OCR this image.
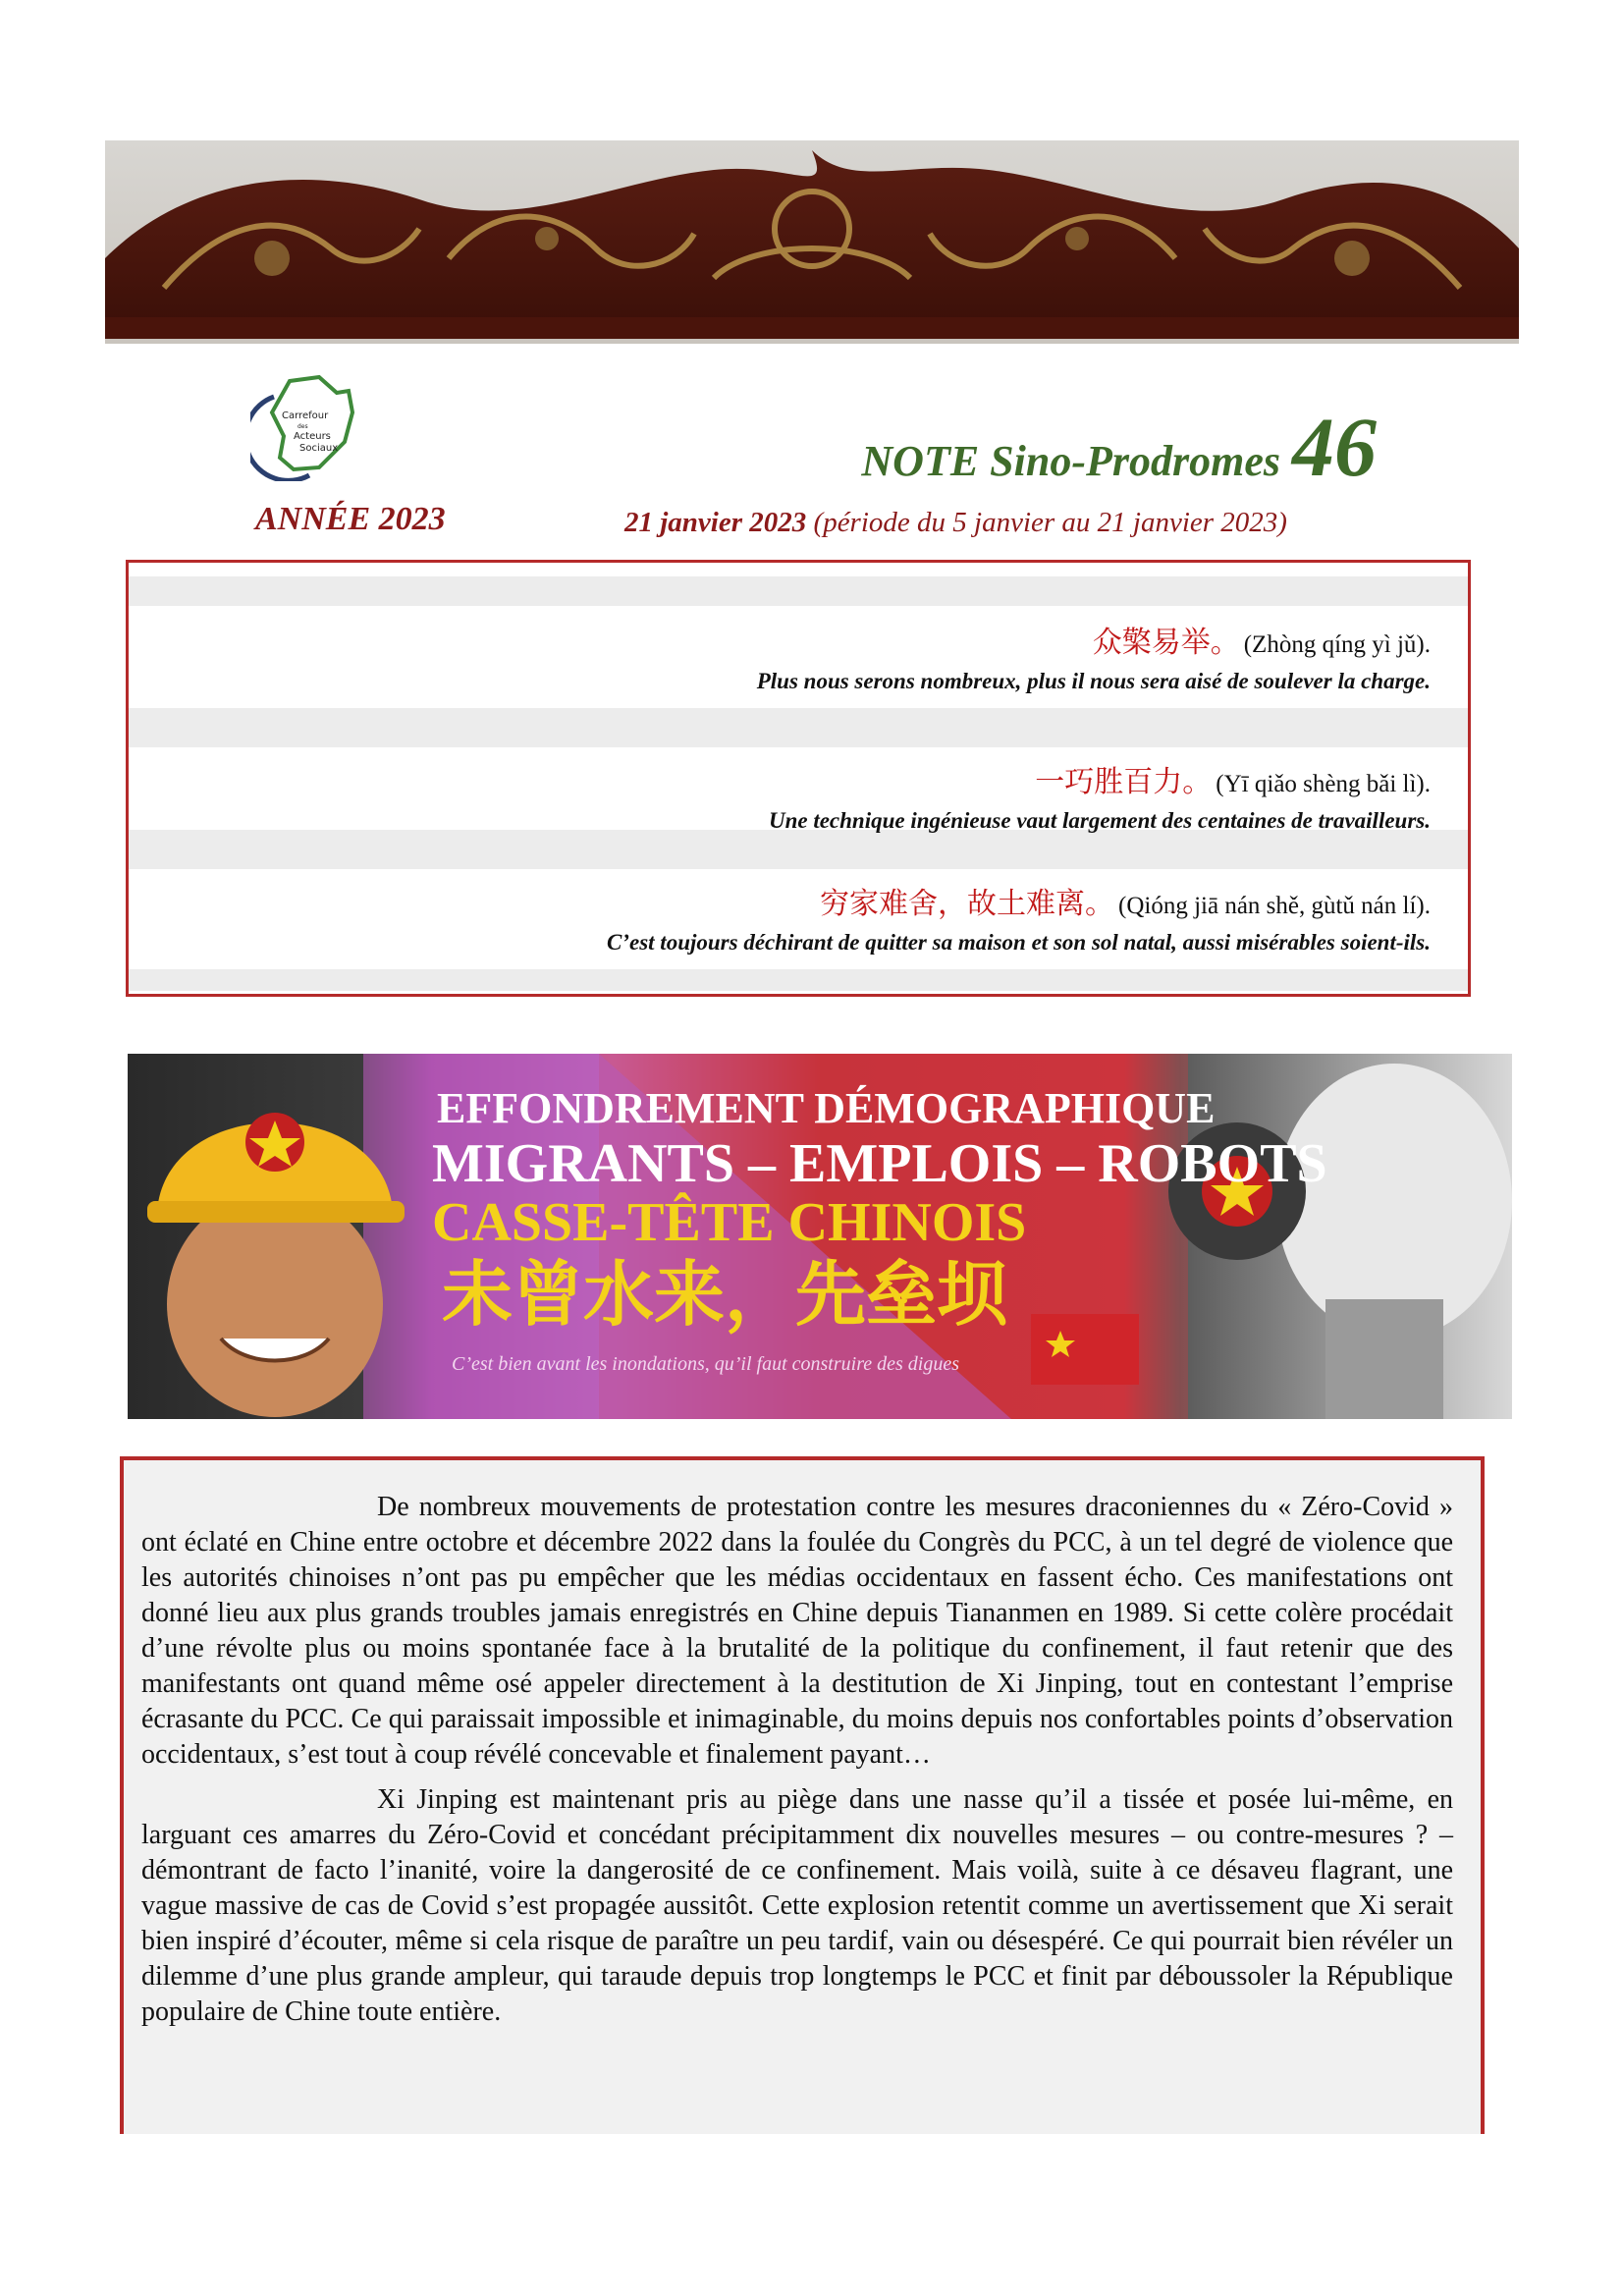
Carrefour
des
Acteurs
Sociaux	NOTE Sino-Prodromes 46
ANNÉE 2023	21 janvier 2023 (période du 5 janvier au 21 janvier 2023)
众檠易举。 (Zhòng qíng yì jǔ).
Plus nous serons nombreux, plus il nous sera aisé de soulever la charge.
一巧胜百力。 (Yī qiǎo shèng bǎi lì).
Une technique ingénieuse vaut largement des centaines de travailleurs.
穷家难舍，故土难离。 (Qióng jiā nán shě, gùtǔ nán lí).
C’est toujours déchirant de quitter sa maison et son sol natal, aussi misérables soient-ils.
EFFONDREMENT DÉMOGRAPHIQUE
MIGRANTS – EMPLOIS – ROBOTS
CASSE-TÊTE CHINOIS
未曾水来，先垒坝
C’est bien avant les inondations, qu’il faut construire des digues

De nombreux mouvements de protestation contre les mesures draconiennes du « Zéro-Covid » ont éclaté en Chine entre octobre et décembre 2022 dans la foulée du Congrès du PCC, à un tel degré de violence que les autorités chinoises n’ont pas pu empêcher que les médias occidentaux en fassent écho. Ces manifestations ont donné lieu aux plus grands troubles jamais enregistrés en Chine depuis Tiananmen en 1989. Si cette colère procédait d’une révolte plus ou moins spontanée face à la brutalité de la politique du confinement, il faut retenir que des manifestants ont quand même osé appeler directement à la destitution de Xi Jinping, tout en contestant l’emprise écrasante du PCC. Ce qui paraissait impossible et inimaginable, du moins depuis nos confortables points d’observation occidentaux, s’est tout à coup révélé concevable et finalement payant…

Xi Jinping est maintenant pris au piège dans une nasse qu’il a tissée et posée lui-même, en larguant ces amarres du Zéro-Covid et concédant précipitamment dix nouvelles mesures – ou contre-mesures ? – démontrant de facto l’inanité, voire la dangerosité de ce confinement. Mais voilà, suite à ce désaveu flagrant, une vague massive de cas de Covid s’est propagée aussitôt. Cette explosion retentit comme un avertissement que Xi serait bien inspiré d’écouter, même si cela risque de paraître un peu tardif, vain ou désespéré. Ce qui pourrait bien révéler un dilemme d’une plus grande ampleur, qui taraude depuis trop longtemps le PCC et finit par déboussoler la République populaire de Chine toute entière.
